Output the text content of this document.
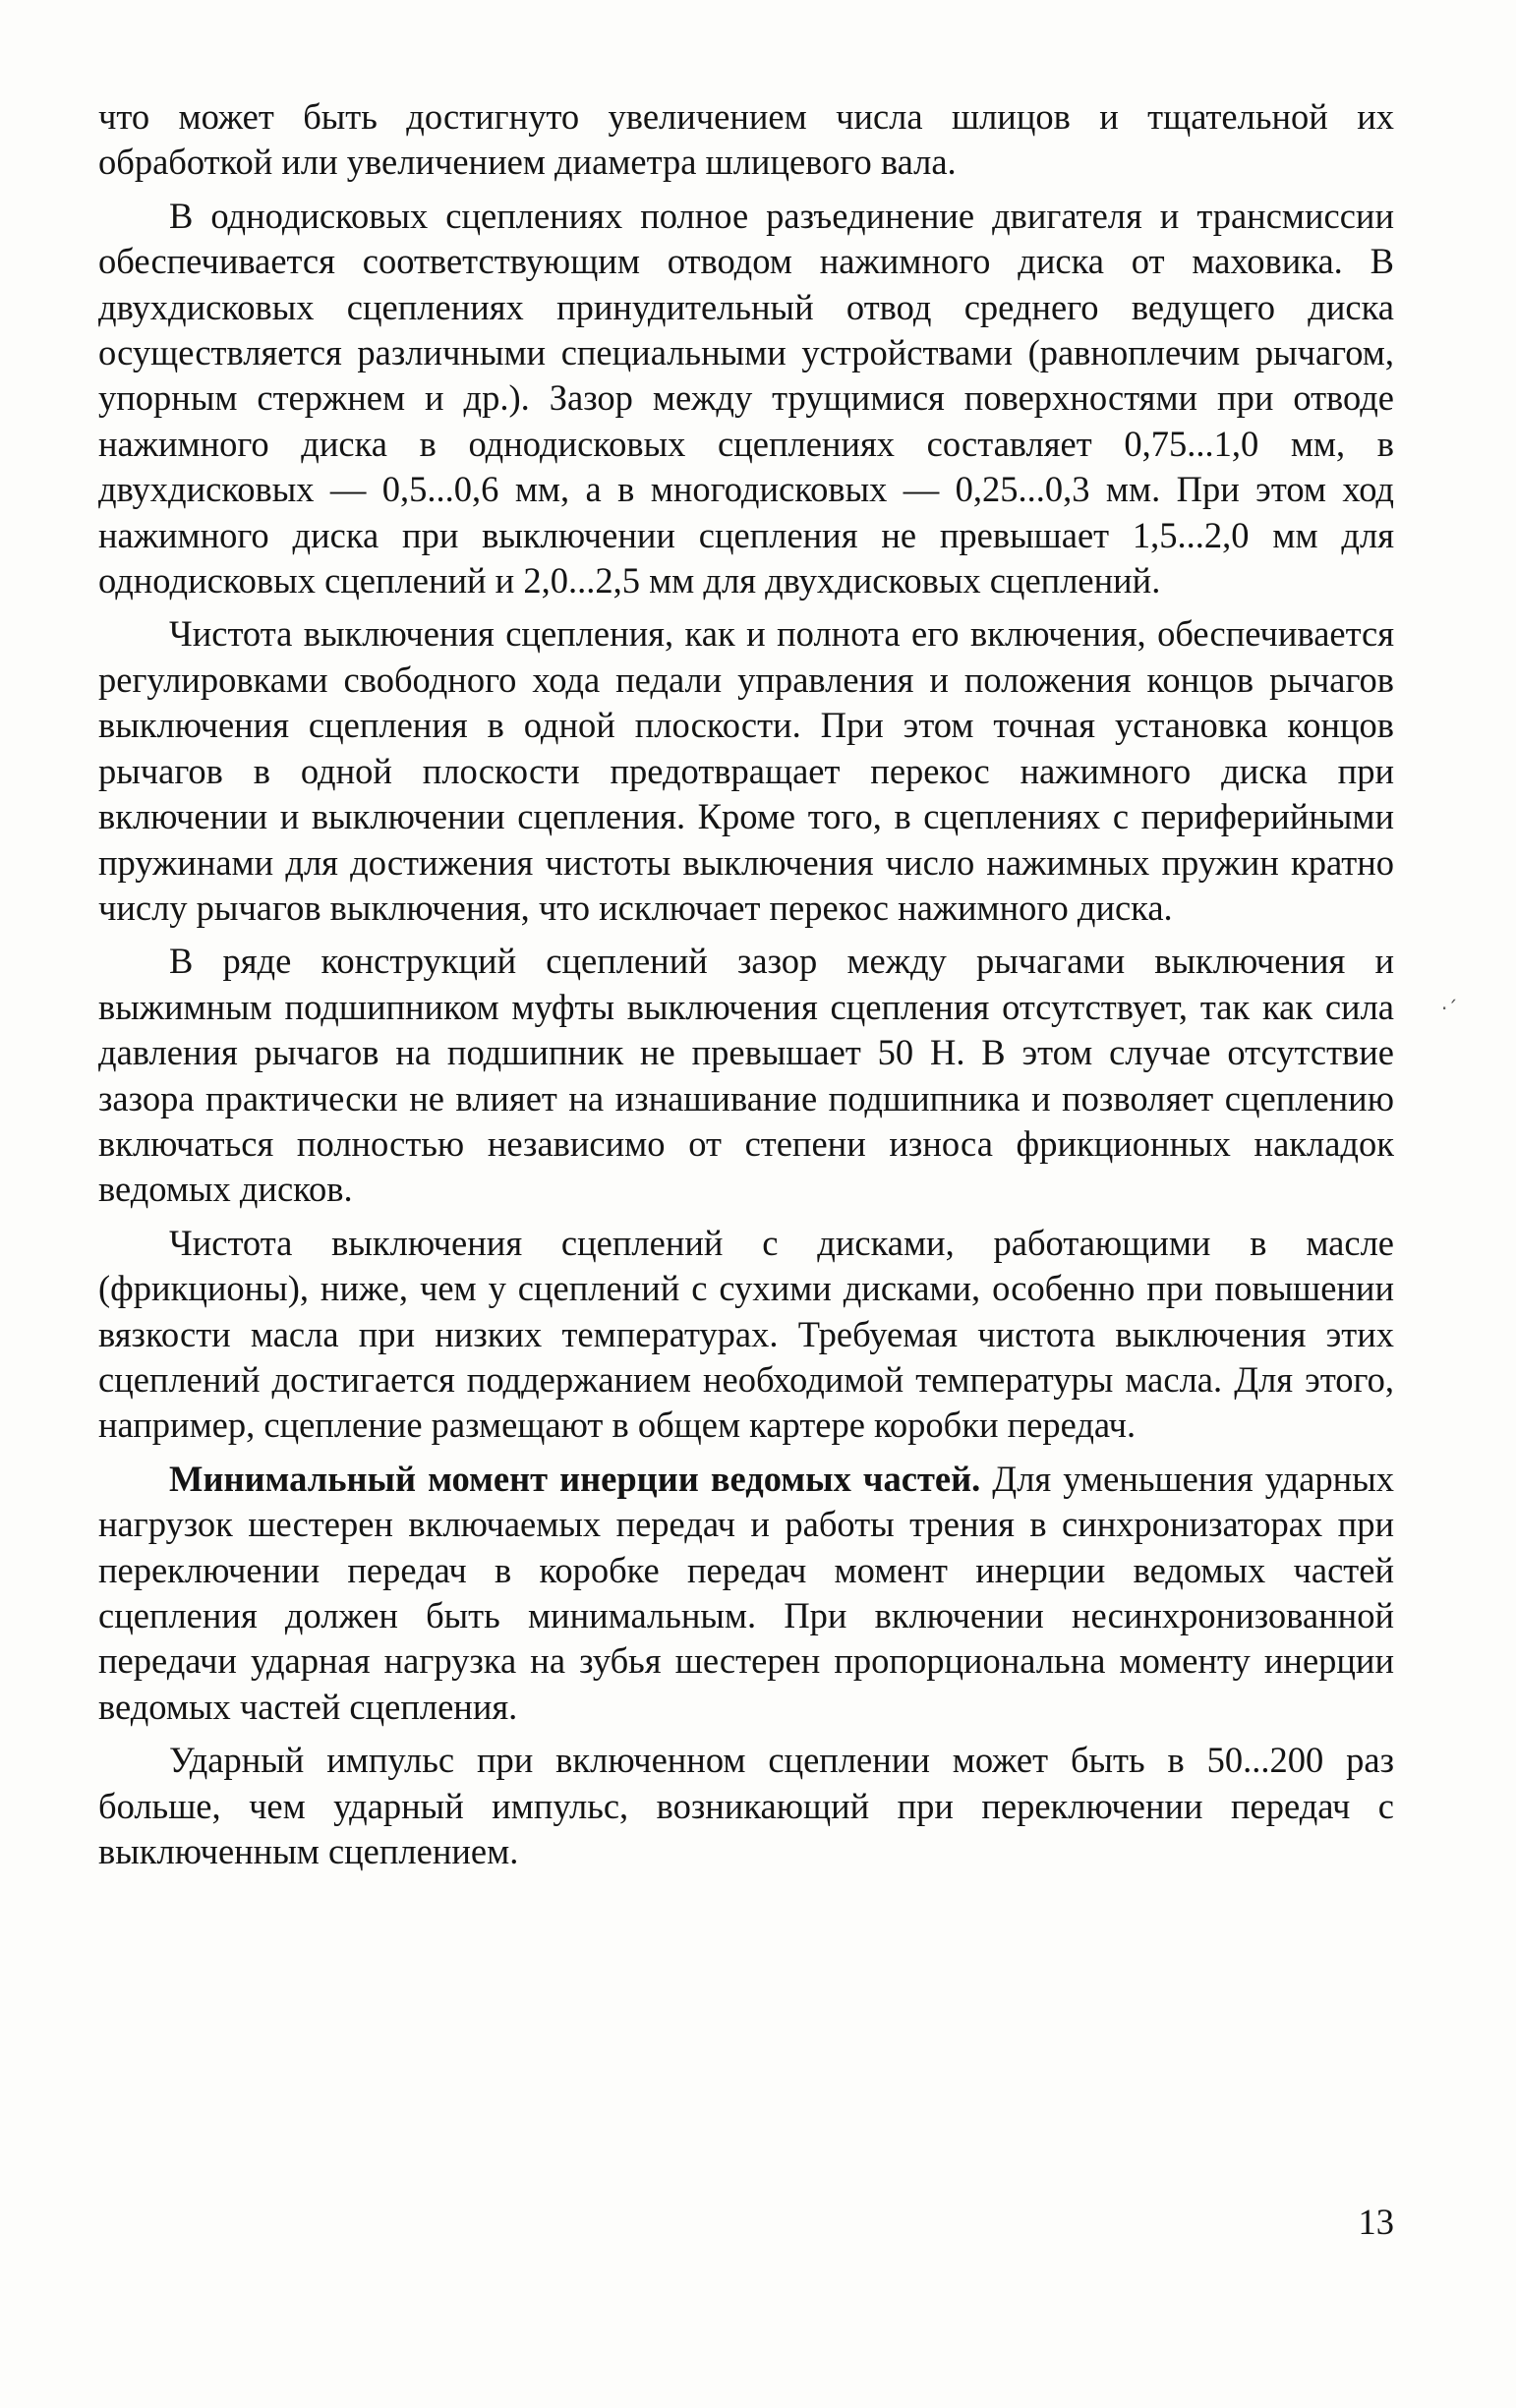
что может быть достигнуто увеличением числа шлицов и тщательной их обработкой или увеличением диаметра шлицевого вала.

В однодисковых сцеплениях полное разъединение двигателя и трансмиссии обеспечивается соответствующим отводом нажимного диска от маховика. В двухдисковых сцеплениях принудительный отвод среднего ведущего диска осуществляется различными специальными устройствами (равноплечим рычагом, упорным стержнем и др.). Зазор между трущимися поверхностями при отводе нажимного диска в однодисковых сцеплениях составляет 0,75...1,0 мм, в двухдисковых — 0,5...0,6 мм, а в многодисковых — 0,25...0,3 мм. При этом ход нажимного диска при выключении сцепления не превышает 1,5...2,0 мм для однодисковых сцеплений и 2,0...2,5 мм для двухдисковых сцеплений.

Чистота выключения сцепления, как и полнота его включения, обеспечивается регулировками свободного хода педали управления и положения концов рычагов выключения сцепления в одной плоскости. При этом точная установка концов рычагов в одной плоскости предотвращает перекос нажимного диска при включении и выключении сцепления. Кроме того, в сцеплениях с периферийными пружинами для достижения чистоты выключения число нажимных пружин кратно числу рычагов выключения, что исключает перекос нажимного диска.

В ряде конструкций сцеплений зазор между рычагами выключения и выжимным подшипником муфты выключения сцепления отсутствует, так как сила давления рычагов на подшипник не превышает 50 Н. В этом случае отсутствие зазора практически не влияет на изнашивание подшипника и позволяет сцеплению включаться полностью независимо от степени износа фрикционных накладок ведомых дисков.

Чистота выключения сцеплений с дисками, работающими в масле (фрикционы), ниже, чем у сцеплений с сухими дисками, особенно при повышении вязкости масла при низких температурах. Требуемая чистота выключения этих сцеплений достигается поддержанием необходимой температуры масла. Для этого, например, сцепление размещают в общем картере коробки передач.

Минимальный момент инерции ведомых частей. Для уменьшения ударных нагрузок шестерен включаемых передач и работы трения в синхронизаторах при переключении передач в коробке передач момент инерции ведомых частей сцепления должен быть минимальным. При включении несинхронизованной передачи ударная нагрузка на зубья шестерен пропорциональна моменту инерции ведомых частей сцепления.

Ударный импульс при включенном сцеплении может быть в 50...200 раз больше, чем ударный импульс, возникающий при переключении передач с выключенным сцеплением.

13
·´
